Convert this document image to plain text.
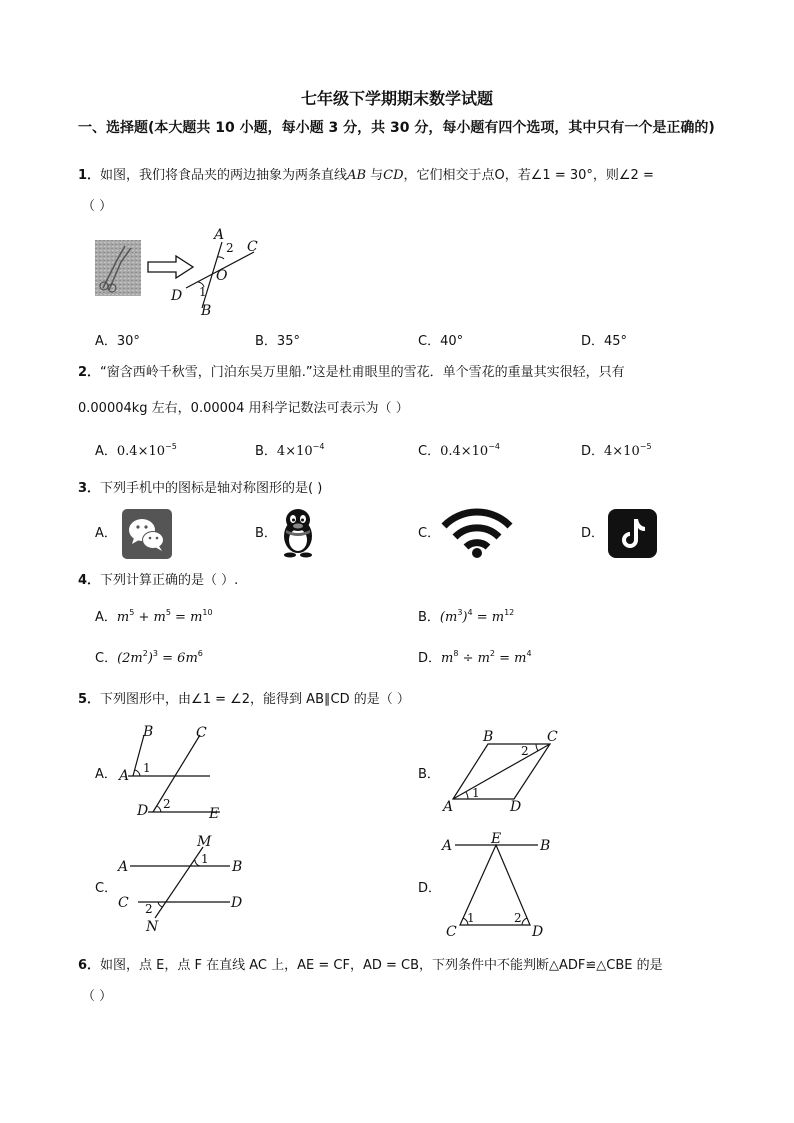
七年级下学期期末数学试题
一、选择题(本大题共 10 小题，每小题 3 分，共 30 分，每小题有四个选项，其中只有一个是正确的)
1．如图，我们将食品夹的两边抽象为两条直线AB 与CD，它们相交于点O，若∠1 = 30°，则∠2 =
（ ）
A
C
D
B
O
2
1
A．30°	B．35°	C．40°	D．45°
2．“窗含西岭千秋雪，门泊东吴万里船.”这是杜甫眼里的雪花．单个雪花的重量其实很轻，只有
0.00004kg 左右，0.00004 用科学记数法可表示为（ ）
A．$0.4\times 10^{-5}$	B．$4\times 10^{-4}$	C．$0.4\times 10^{-4}$	D．$4\times 10^{-5}$
3．下列手机中的图标是轴对称图形的是( )
A．	B．	C．	D．
4．下列计算正确的是（ ）.
A．$m^5 + m^5 = m^{10}$	B．$(m^3)^4 = m^{12}$
C．$(2m^2)^3 = 6m^6$	D．$m^8 \div m^2 = m^4$
5．下列图形中，由∠1 = ∠2，能得到 AB∥CD 的是（ ）
A．
B	C
A 1
D 2
E
B．
B	C
A	D
1
2
C．
M
1
A	B
C 2	D
N
D．
A	E	B
C	D
1	2
6．如图，点 E，点 F 在直线 AC 上，AE = CF，AD = CB，下列条件中不能判断△ADF≌△CBE 的是
（ ）
